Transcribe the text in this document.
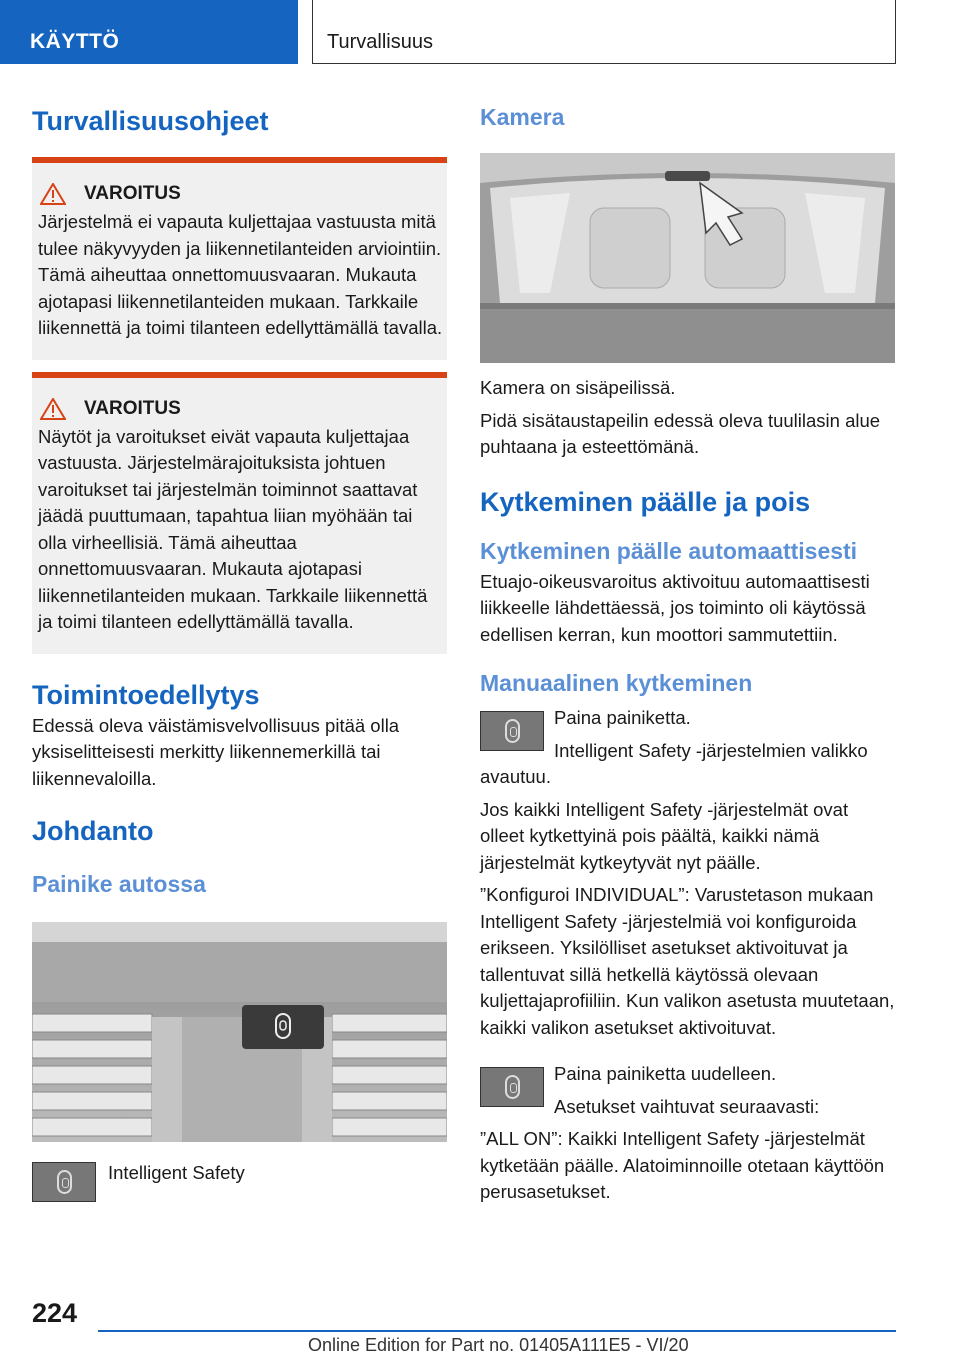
KÄYTTÖ	Turvallisuus
Turvallisuusohjeet
VAROITUS

Järjestelmä ei vapauta kuljettajaa vastuusta mitä tulee näkyvyyden ja liikennetilanteiden arviointiin. Tämä aiheuttaa onnettomuusvaaran. Mukauta ajotapasi liikennetilanteiden mukaan. Tarkkaile liikennettä ja toimi tilanteen edellyttämällä tavalla.

VAROITUS

Näytöt ja varoitukset eivät vapauta kuljettajaa vastuusta. Järjestelmärajoituksista johtuen varoitukset tai järjestelmän toiminnot saattavat jäädä puuttumaan, tapahtua liian myöhään tai olla virheellisiä. Tämä aiheuttaa onnettomuusvaaran. Mukauta ajotapasi liikennetilanteiden mukaan. Tarkkaile liikennettä ja toimi tilanteen edellyttämällä tavalla.

Toimintoedellytys

Edessä oleva väistämisvelvollisuus pitää olla yksiselitteisesti merkitty liikennemerkillä tai liikennevaloilla.

Johdanto
Painike autossa

Intelligent Safety

Kamera

Kamera on sisäpeilissä.

Pidä sisätaustapeilin edessä oleva tuulilasin alue puhtaana ja esteettömänä.

Kytkeminen päälle ja pois
Kytkeminen päälle automaattisesti

Etuajo-oikeusvaroitus aktivoituu automaattisesti liikkeelle lähdettäessä, jos toiminto oli käytössä edellisen kerran, kun moottori sammutettiin.

Manuaalinen kytkeminen

Paina painiketta.

Intelligent Safety -järjestelmien valikko avautuu.

Jos kaikki Intelligent Safety -järjestelmät ovat olleet kytkettyinä pois päältä, kaikki nämä järjestelmät kytkeytyvät nyt päälle.

”Konfiguroi INDIVIDUAL”: Varustetason mukaan Intelligent Safety -järjestelmiä voi konfiguroida erikseen. Yksilölliset asetukset aktivoituvat ja tallentuvat sillä hetkellä käytössä olevaan kuljettajaprofiiliin. Kun valikon asetusta muutetaan, kaikki valikon asetukset aktivoituvat.

Paina painiketta uudelleen.

Asetukset vaihtuvat seuraavasti:

”ALL ON”: Kaikki Intelligent Safety -järjestelmät kytketään päälle. Alatoiminnoille otetaan käyttöön perusasetukset.

224
Online Edition for Part no. 01405A111E5 - VI/20
